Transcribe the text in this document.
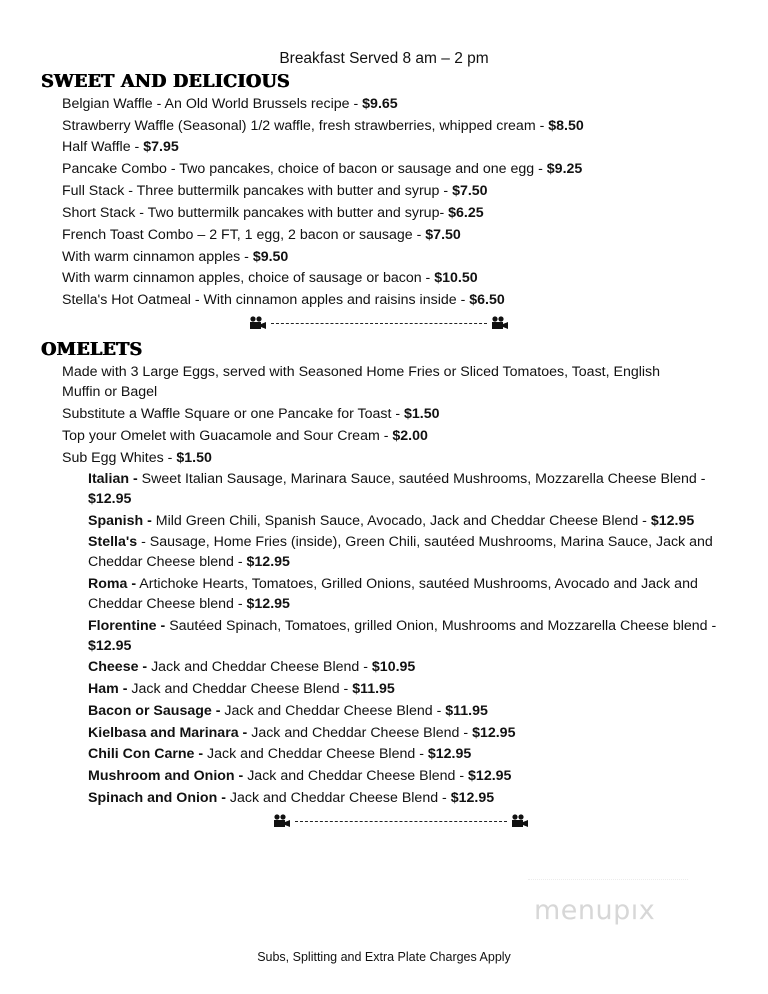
Breakfast Served 8 am – 2 pm
SWEET AND DELICIOUS
Belgian Waffle - An Old World Brussels recipe - $9.65
Strawberry Waffle (Seasonal) 1/2 waffle, fresh strawberries, whipped cream - $8.50
Half Waffle - $7.95
Pancake Combo - Two pancakes, choice of bacon or sausage and one egg - $9.25
Full Stack - Three buttermilk pancakes with butter and syrup - $7.50
Short Stack - Two buttermilk pancakes with butter and syrup- $6.25
French Toast Combo – 2 FT, 1 egg, 2 bacon or sausage - $7.50
With warm cinnamon apples - $9.50
With warm cinnamon apples, choice of sausage or bacon - $10.50
Stella's Hot Oatmeal - With cinnamon apples and raisins inside - $6.50
OMELETS
Made with 3 Large Eggs, served with Seasoned Home Fries or Sliced Tomatoes, Toast, English Muffin or Bagel
Substitute a Waffle Square or one Pancake for Toast - $1.50
Top your Omelet with Guacamole and Sour Cream - $2.00
Sub Egg Whites - $1.50
Italian - Sweet Italian Sausage, Marinara Sauce, sautéed Mushrooms, Mozzarella Cheese Blend - $12.95
Spanish - Mild Green Chili, Spanish Sauce, Avocado, Jack and Cheddar Cheese Blend - $12.95
Stella's - Sausage, Home Fries (inside), Green Chili, sautéed Mushrooms, Marina Sauce, Jack and Cheddar Cheese blend - $12.95
Roma - Artichoke Hearts, Tomatoes, Grilled Onions, sautéed Mushrooms, Avocado and Jack and Cheddar Cheese blend - $12.95
Florentine - Sautéed Spinach, Tomatoes, grilled Onion, Mushrooms and Mozzarella Cheese blend - $12.95
Cheese - Jack and Cheddar Cheese Blend - $10.95
Ham - Jack and Cheddar Cheese Blend - $11.95
Bacon or Sausage - Jack and Cheddar Cheese Blend - $11.95
Kielbasa and Marinara - Jack and Cheddar Cheese Blend - $12.95
Chili Con Carne - Jack and Cheddar Cheese Blend - $12.95
Mushroom and Onion - Jack and Cheddar Cheese Blend - $12.95
Spinach and Onion - Jack and Cheddar Cheese Blend - $12.95
menupıx
Subs, Splitting and Extra Plate Charges Apply
